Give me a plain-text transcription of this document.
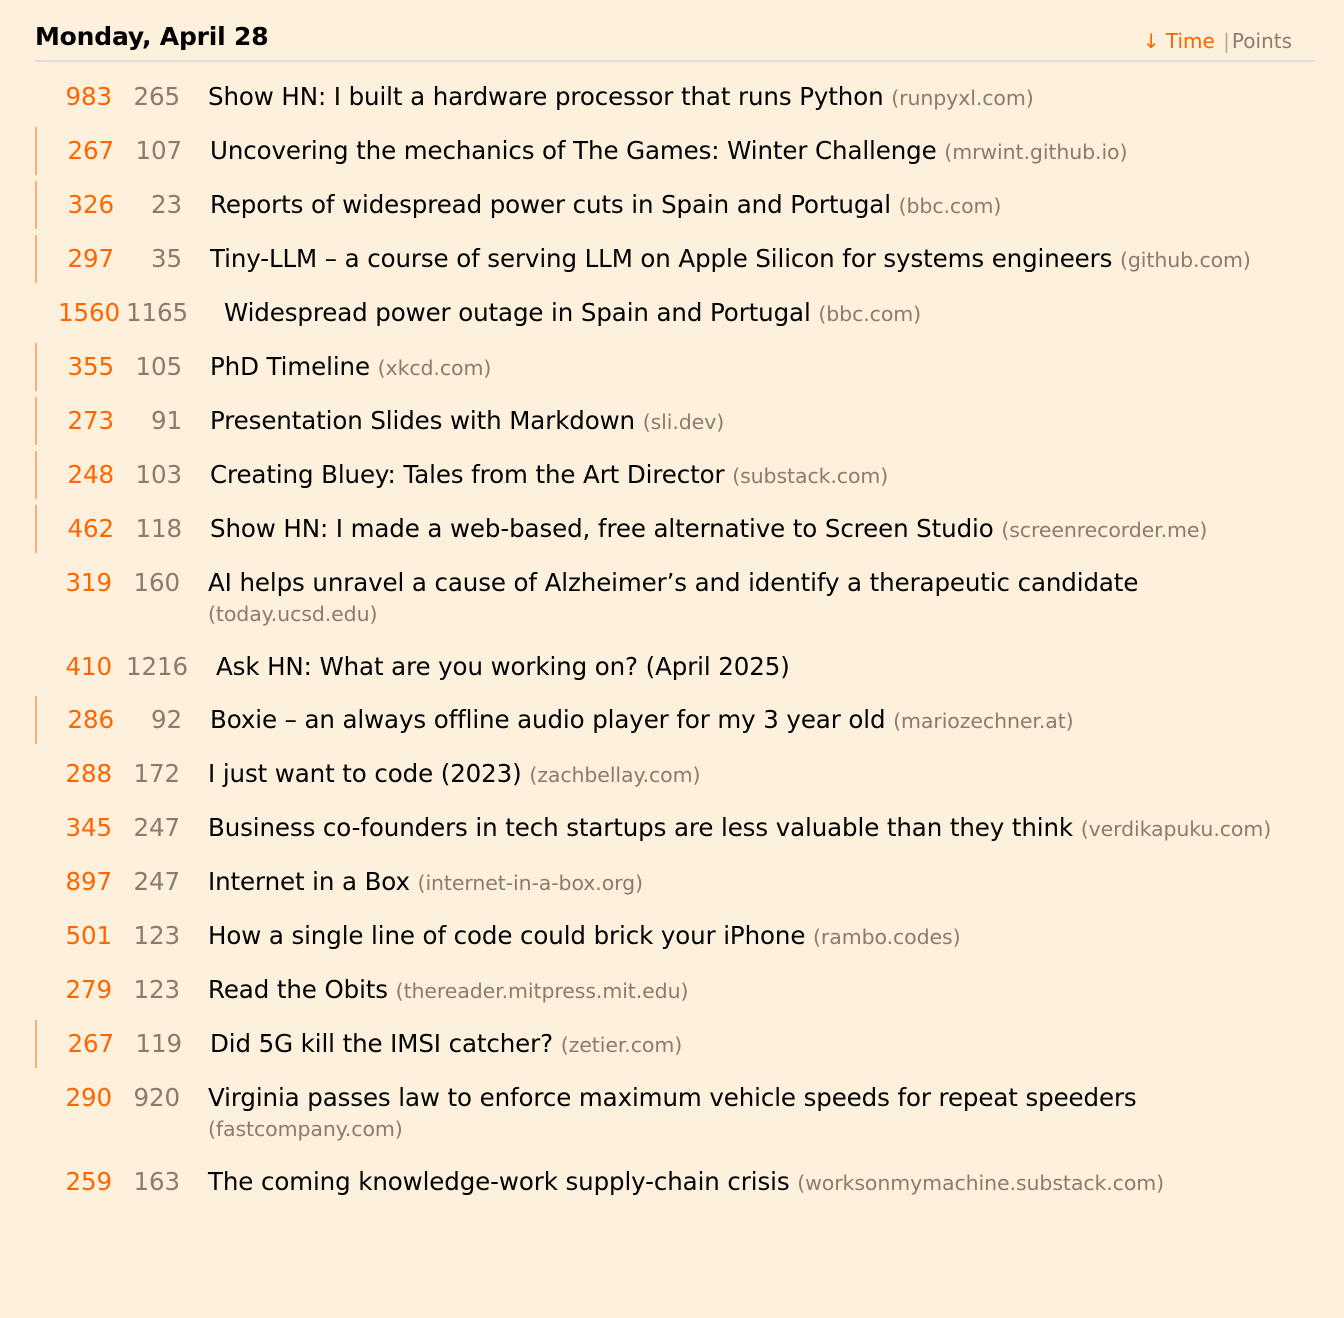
Monday, April 28	↓ Time | Points
983 265 Show HN: I built a hardware processor that runs Python (runpyxl.com)
267 107 Uncovering the mechanics of The Games: Winter Challenge (mrwint.github.io)
326	23 Reports of widespread power cuts in Spain and Portugal (bbc.com)
297	35 Tiny-LLM – a course of serving LLM on Apple Silicon for systems engineers (github.com)
1560 1165 Widespread power outage in Spain and Portugal (bbc.com)
355 105 PhD Timeline (xkcd.com)
273	91 Presentation Slides with Markdown (sli.dev)
248 103 Creating Bluey: Tales from the Art Director (substack.com)
462 118 Show HN: I made a web-based, free alternative to Screen Studio (screenrecorder.me)
319 160 AI helps unravel a cause of Alzheimer’s and identify a therapeutic candidate (today.ucsd.edu)
410 1216 Ask HN: What are you working on? (April 2025)
286	92 Boxie – an always offline audio player for my 3 year old (mariozechner.at)
288 172 I just want to code (2023) (zachbellay.com)
345 247 Business co-founders in tech startups are less valuable than they think (verdikapuku.com)
897 247 Internet in a Box (internet-in-a-box.org)
501 123 How a single line of code could brick your iPhone (rambo.codes)
279 123 Read the Obits (thereader.mitpress.mit.edu)
267 119 Did 5G kill the IMSI catcher? (zetier.com)
290 920 Virginia passes law to enforce maximum vehicle speeds for repeat speeders (fastcompany.com)
259 163 The coming knowledge-work supply-chain crisis (worksonmymachine.substack.com)
